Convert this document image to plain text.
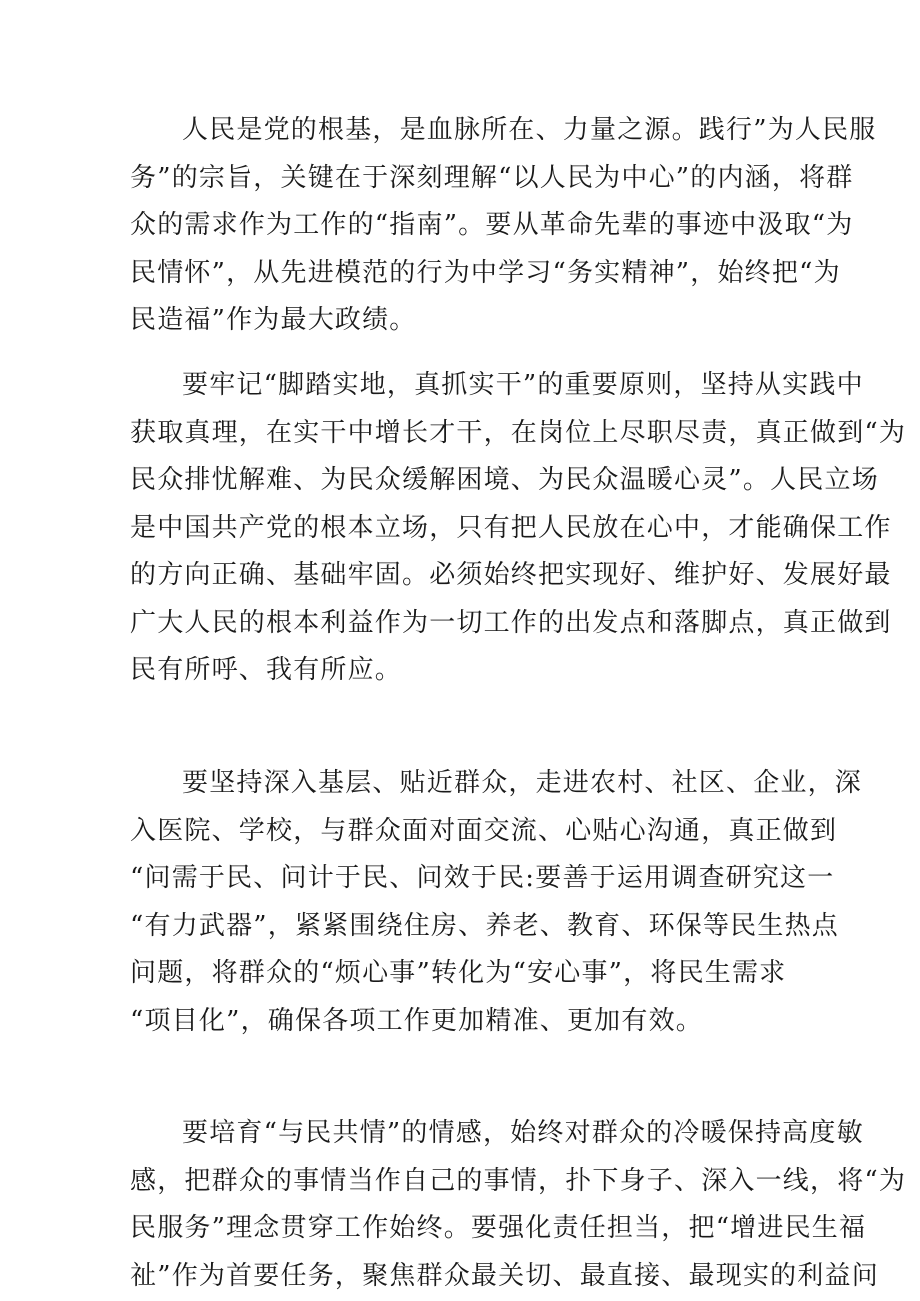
人民是党的根基，是血脉所在、力量之源。践行”为人民服

务”的宗旨，关键在于深刻理解“以人民为中心”的内涵，将群

众的需求作为工作的“指南”。要从革命先辈的事迹中汲取“为

民情怀”，从先进模范的行为中学习“务实精神”，始终把“为

民造福”作为最大政绩。

要牢记“脚踏实地，真抓实干”的重要原则，坚持从实践中

获取真理，在实干中增长才干，在岗位上尽职尽责，真正做到“为

民众排忧解难、为民众缓解困境、为民众温暖心灵”。人民立场

是中国共产党的根本立场，只有把人民放在心中，才能确保工作

的方向正确、基础牢固。必须始终把实现好、维护好、发展好最

广大人民的根本利益作为一切工作的出发点和落脚点，真正做到

民有所呼、我有所应。

要坚持深入基层、贴近群众，走进农村、社区、企业，深

入医院、学校，与群众面对面交流、心贴心沟通，真正做到

“问需于民、问计于民、问效于民:要善于运用调查研究这一

“有力武器”，紧紧围绕住房、养老、教育、环保等民生热点

问题，将群众的“烦心事”转化为“安心事”，将民生需求

“项目化”，确保各项工作更加精准、更加有效。

要培育“与民共情”的情感，始终对群众的冷暖保持高度敏

感，把群众的事情当作自己的事情，扑下身子、深入一线，将“为

民服务”理念贯穿工作始终。要强化责任担当，把“增进民生福

祉”作为首要任务，聚焦群众最关切、最直接、最现实的利益问
